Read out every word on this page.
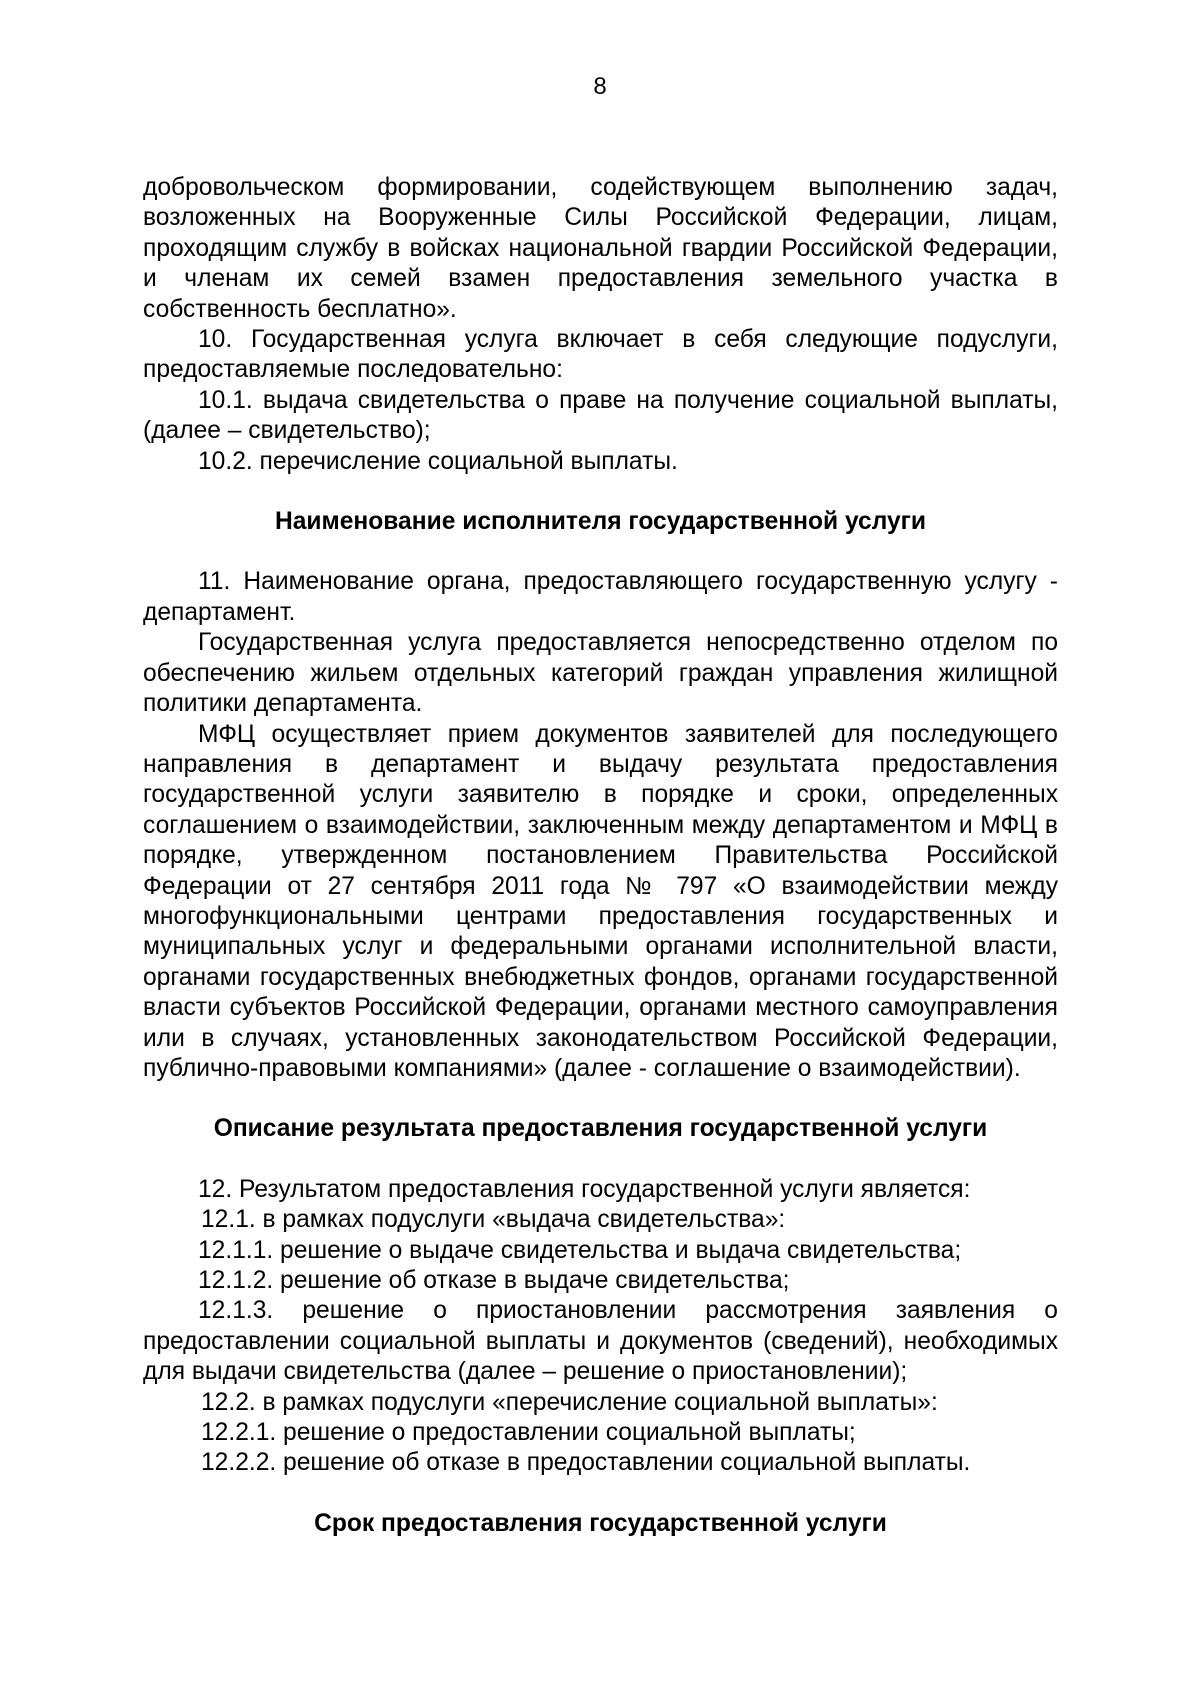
8

добровольческом формировании, содействующем выполнению задач, возложенных на Вооруженные Силы Российской Федерации, лицам, проходящим службу в войсках национальной гвардии Российской Федерации, и членам их семей взамен предоставления земельного участка в собственность бесплатно».

10. Государственная услуга включает в себя следующие подуслуги, предоставляемые последовательно:

10.1. выдача свидетельства о праве на получение социальной выплаты, (далее – свидетельство);

10.2. перечисление социальной выплаты.

Наименование исполнителя государственной услуги

11. Наименование органа, предоставляющего государственную услугу - департамент.

Государственная услуга предоставляется непосредственно отделом по обеспечению жильем отдельных категорий граждан управления жилищной политики департамента.

МФЦ осуществляет прием документов заявителей для последующего направления в департамент и выдачу результата предоставления государственной услуги заявителю в порядке и сроки, определенных соглашением о взаимодействии, заключенным между департаментом и МФЦ в порядке, утвержденном постановлением Правительства Российской Федерации от 27 сентября 2011 года № 797 «О взаимодействии между многофункциональными центрами предоставления государственных и муниципальных услуг и федеральными органами исполнительной власти, органами государственных внебюджетных фондов, органами государственной власти субъектов Российской Федерации, органами местного самоуправления или в случаях, установленных законодательством Российской Федерации, публично-правовыми компаниями» (далее - соглашение о взаимодействии).

Описание результата предоставления государственной услуги

12. Результатом предоставления государственной услуги является:

12.1. в рамках подуслуги «выдача свидетельства»:

12.1.1. решение о выдаче свидетельства и выдача свидетельства;

12.1.2. решение об отказе в выдаче свидетельства;

12.1.3. решение о приостановлении рассмотрения заявления о предоставлении социальной выплаты и документов (сведений), необходимых для выдачи свидетельства (далее – решение о приостановлении);

12.2. в рамках подуслуги «перечисление социальной выплаты»:

12.2.1. решение о предоставлении социальной выплаты;

12.2.2. решение об отказе в предоставлении социальной выплаты.

Срок предоставления государственной услуги
